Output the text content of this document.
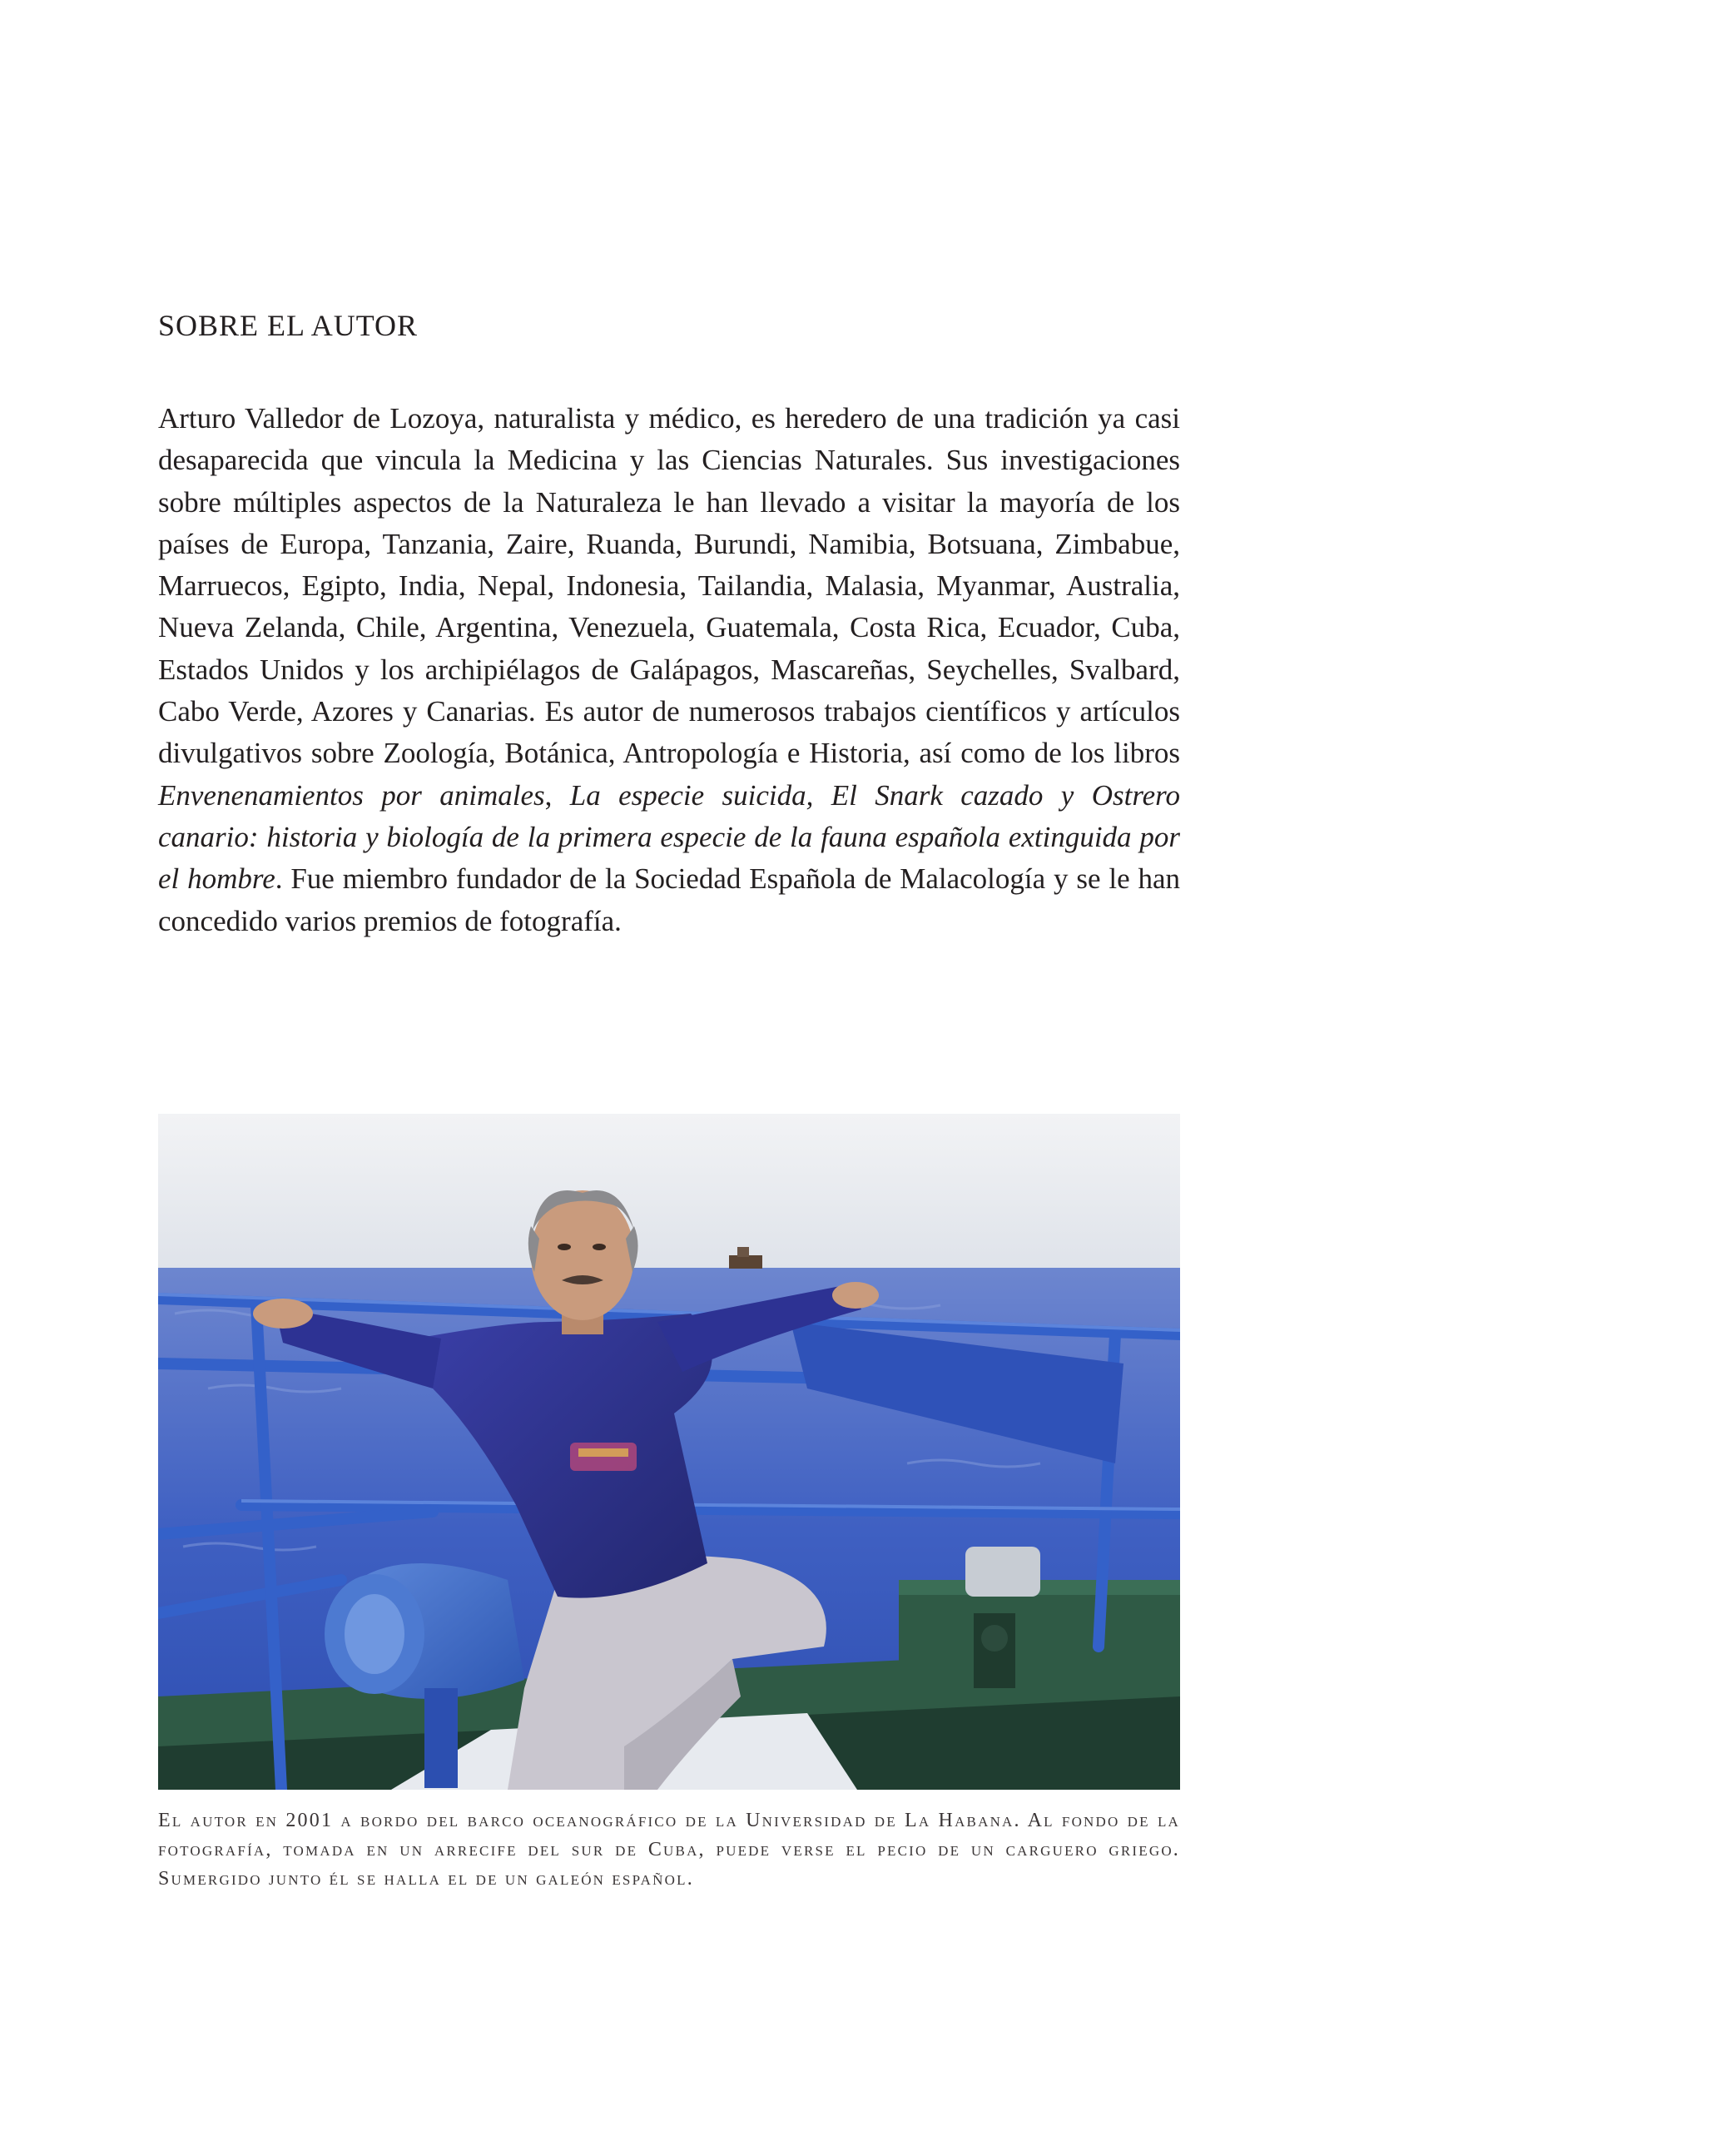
SOBRE EL AUTOR
Arturo Valledor de Lozoya, naturalista y médico, es heredero de una tradición ya casi desaparecida que vincula la Medicina y las Ciencias Naturales. Sus investigaciones sobre múltiples aspectos de la Naturaleza le han llevado a visitar la mayoría de los países de Europa, Tanzania, Zaire, Ruanda, Burundi, Namibia, Botsuana, Zimbabue, Marruecos, Egipto, India, Nepal, Indonesia, Tailandia, Malasia, Myanmar, Australia, Nueva Zelanda, Chile, Argentina, Venezuela, Guatemala, Costa Rica, Ecuador, Cuba, Estados Unidos y los archipiélagos de Galápagos, Mascareñas, Seychelles, Svalbard, Cabo Verde, Azores y Canarias. Es autor de numerosos trabajos científicos y artículos divulgativos sobre Zoología, Botánica, Antropología e Historia, así como de los libros Envenenamientos por animales, La especie suicida, El Snark cazado y Ostrero canario: historia y biología de la primera especie de la fauna española extinguida por el hombre. Fue miembro fundador de la Sociedad Española de Malacología y se le han concedido varios premios de fotografía.
El autor en 2001 a bordo del barco oceanográfico de la Universidad de La Habana. Al fondo de la fotografía, tomada en un arrecife del sur de Cuba, puede verse el pecio de un carguero griego. Sumergido junto él se halla el de un galeón español.
